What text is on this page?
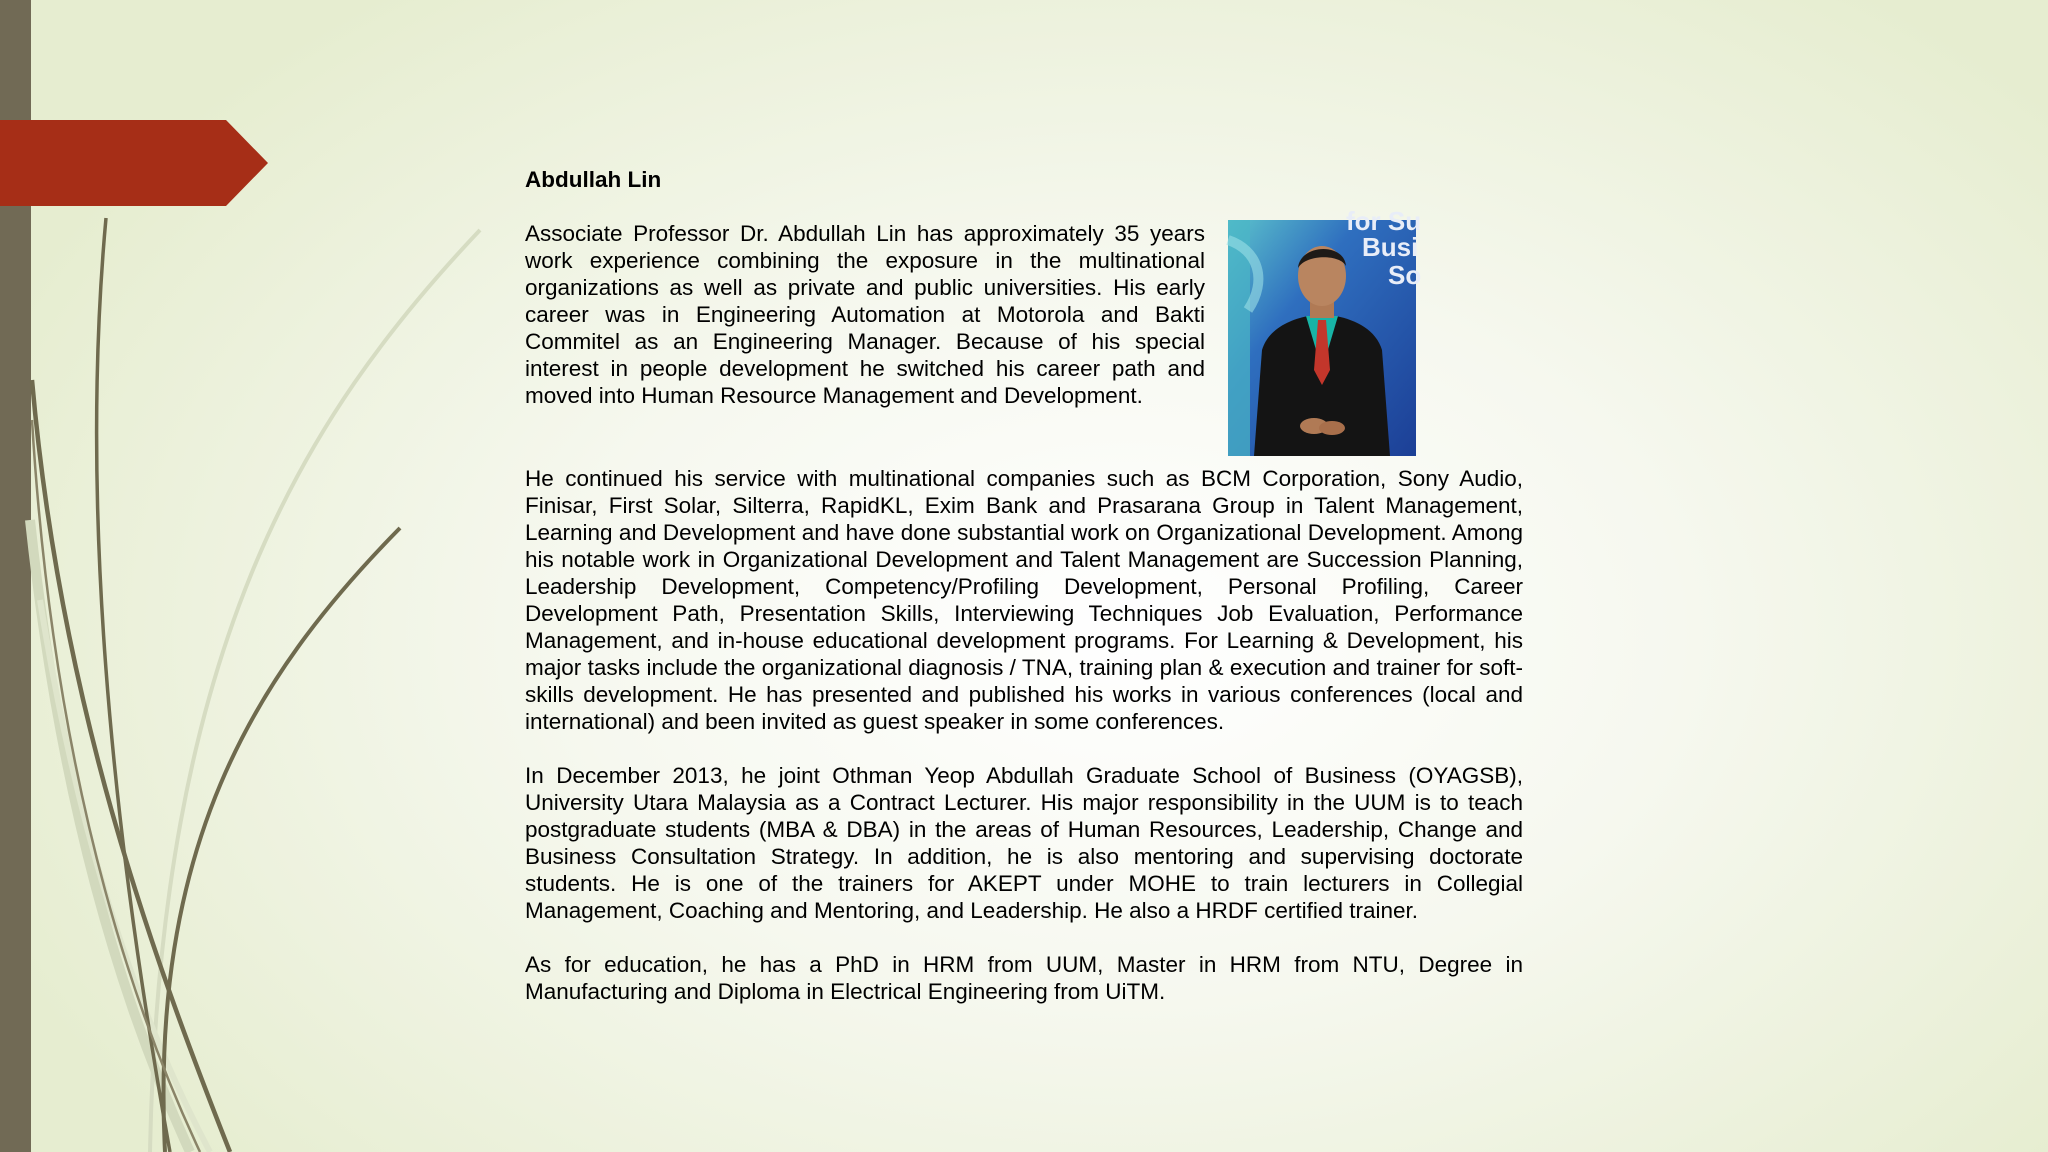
Abdullah Lin

Associate Professor Dr. Abdullah Lin has approximately 35 years work experience combining the exposure in the multinational organizations as well as private and public universities. His early career was in Engineering Automation at Motorola and Bakti Commitel as an Engineering Manager. Because of his special interest in people development he switched his career path and moved into Human Resource Management and Development.

for Su
Busi
So

He continued his service with multinational companies such as BCM Corporation, Sony Audio, Finisar, First Solar, Silterra, RapidKL, Exim Bank and Prasarana Group in Talent Management, Learning and Development and have done substantial work on Organizational Development. Among his notable work in Organizational Development and Talent Management are Succession Planning, Leadership Development, Competency/Profiling Development, Personal Profiling, Career Development Path, Presentation Skills, Interviewing Techniques Job Evaluation, Performance Management, and in-house educational development programs. For Learning & Development, his major tasks include the organizational diagnosis / TNA, training plan & execution and trainer for soft-skills development. He has presented and published his works in various conferences (local and international) and been invited as guest speaker in some conferences.

In December 2013, he joint Othman Yeop Abdullah Graduate School of Business (OYAGSB), University Utara Malaysia as a Contract Lecturer. His major responsibility in the UUM is to teach postgraduate students (MBA & DBA) in the areas of Human Resources, Leadership, Change and Business Consultation Strategy. In addition, he is also mentoring and supervising doctorate students. He is one of the trainers for AKEPT under MOHE to train lecturers in Collegial Management, Coaching and Mentoring, and Leadership. He also a HRDF certified trainer.

As for education, he has a PhD in HRM from UUM, Master in HRM from NTU, Degree in Manufacturing and Diploma in Electrical Engineering from UiTM.
